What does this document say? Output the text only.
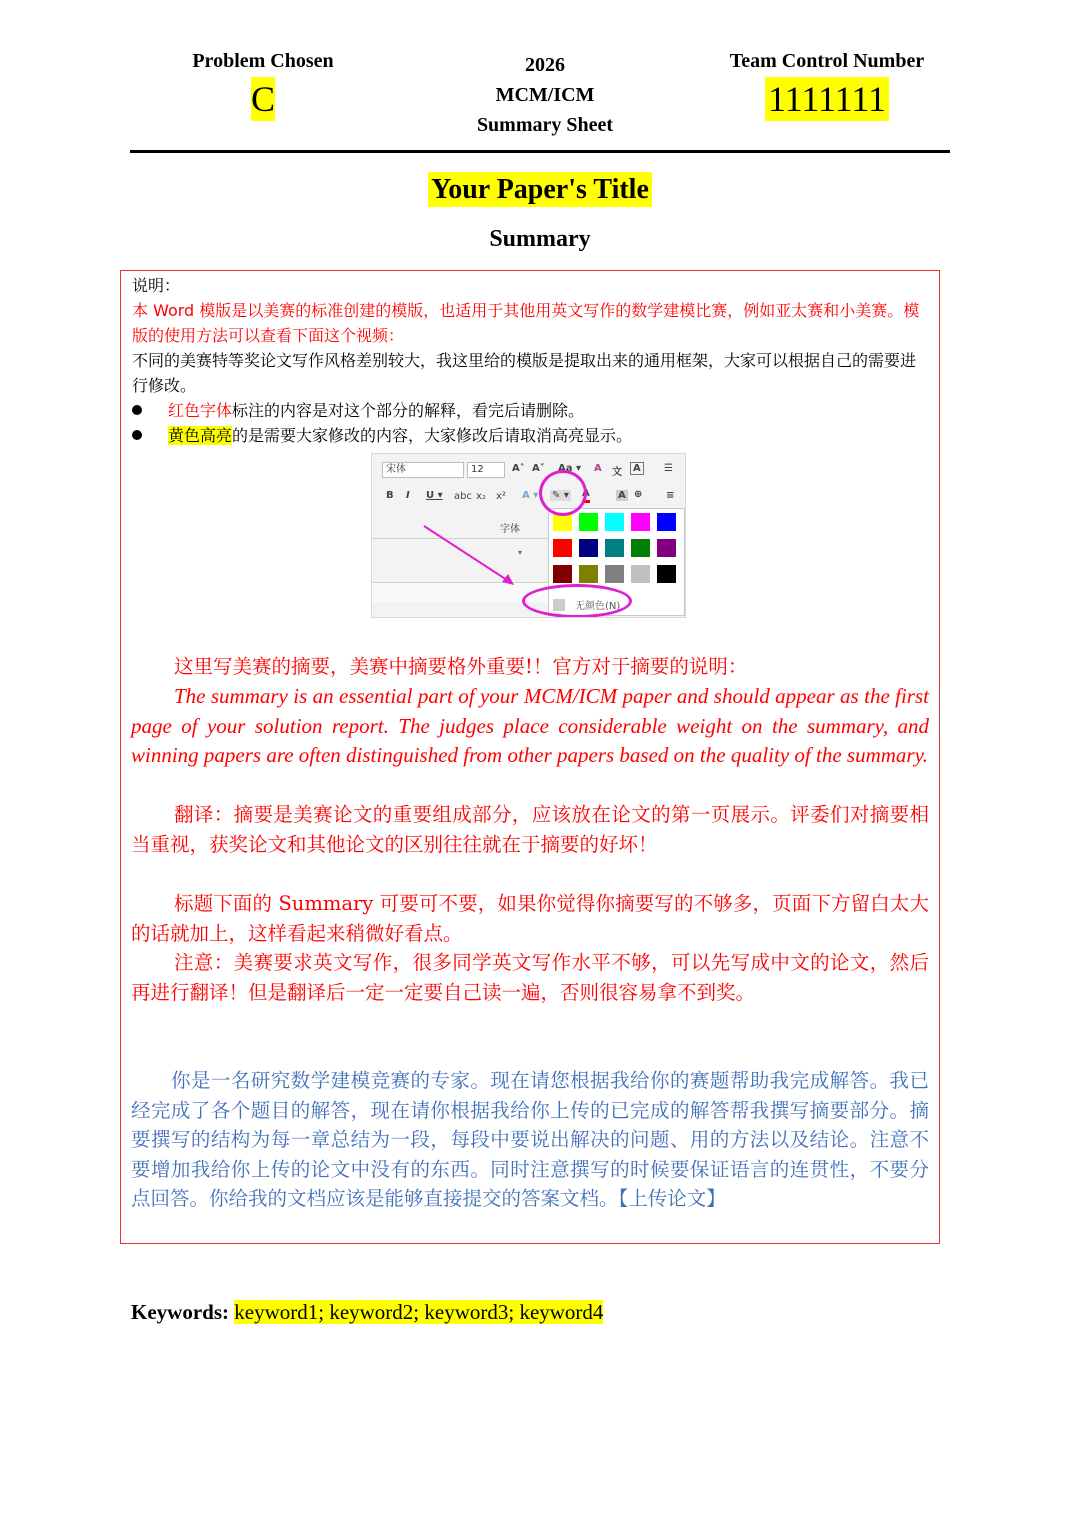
Problem Chosen
C
2026
MCM/ICM
Summary Sheet
Team Control Number
1111111
Your Paper's Title
Summary
说明：
本 Word 模版是以美赛的标准创建的模版，也适用于其他用英文写作的数学建模比赛，例如亚太赛和小美赛。模版的使用方法可以查看下面这个视频：
不同的美赛特等奖论文写作风格差别较大，我这里给的模版是提取出来的通用框架，大家可以根据自己的需要进行修改。
红色字体标注的内容是对这个部分的解释，看完后请删除。
黄色高亮的是需要大家修改的内容，大家修改后请取消高亮显示。
宋体	12	A˄ A˅ Aa ▾ A 文	A	☰
B I U ▾ abc x₂ x² A ▾ ✎ ▾ A	A ⊕ ≡
字体
▾
无颜色(N)
这里写美赛的摘要，美赛中摘要格外重要!！官方对于摘要的说明：
The summary is an essential part of your MCM/ICM paper and should appear as the first page of your solution report. The judges place considerable weight on the summary, and winning papers are often distinguished from other papers based on the quality of the summary.
翻译：摘要是美赛论文的重要组成部分，应该放在论文的第一页展示。评委们对摘要相当重视，获奖论文和其他论文的区别往往就在于摘要的好坏！
标题下面的 Summary 可要可不要，如果你觉得你摘要写的不够多，页面下方留白太大的话就加上，这样看起来稍微好看点。
注意：美赛要求英文写作，很多同学英文写作水平不够，可以先写成中文的论文，然后再进行翻译！但是翻译后一定一定要自己读一遍，否则很容易拿不到奖。
你是一名研究数学建模竞赛的专家。现在请您根据我给你的赛题帮助我完成解答。我已经完成了各个题目的解答，现在请你根据我给你上传的已完成的解答帮我撰写摘要部分。摘要撰写的结构为每一章总结为一段，每段中要说出解决的问题、用的方法以及结论。注意不要增加我给你上传的论文中没有的东西。同时注意撰写的时候要保证语言的连贯性，不要分点回答。你给我的文档应该是能够直接提交的答案文档。【上传论文】
Keywords: keyword1; keyword2; keyword3; keyword4
